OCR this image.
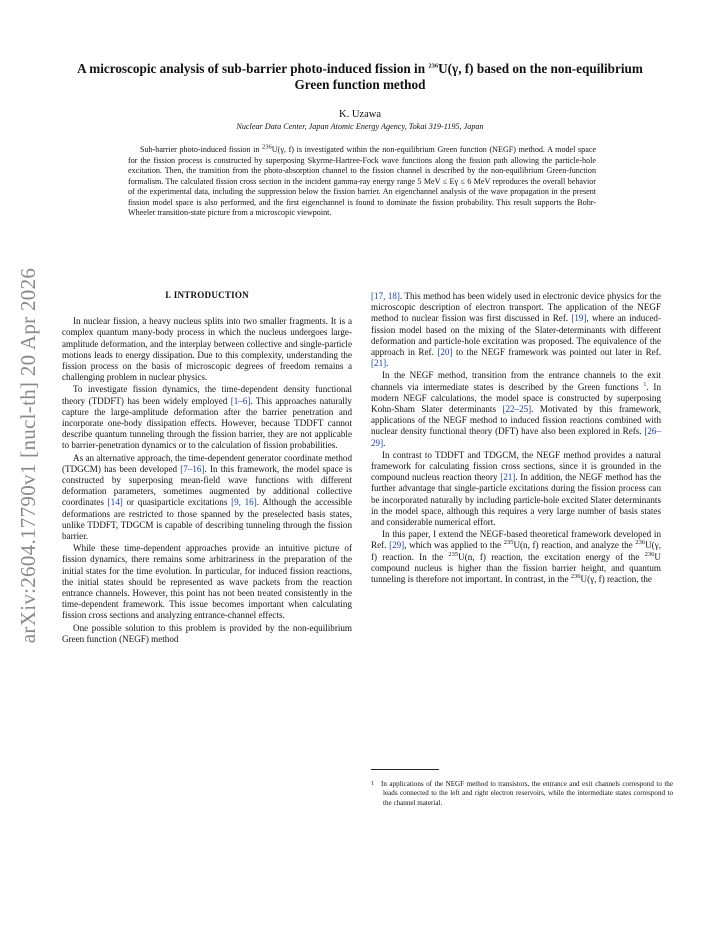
arXiv:2604.17790v1 [nucl-th] 20 Apr 2026
A microscopic analysis of sub-barrier photo-induced fission in $^{236}$U(γ, f) based on the non-equilibrium Green function method
K. Uzawa
Nuclear Data Center, Japan Atomic Energy Agency, Tokai 319-1195, Japan

Sub-barrier photo-induced fission in $^{236}$U(γ, f) is investigated within the non-equilibrium Green function (NEGF) method. A model space for the fission process is constructed by superposing Skyrme-Hartree-Fock wave functions along the fission path allowing the particle-hole excitation. Then, the transition from the photo-absorption channel to the fission channel is described by the non-equilibrium Green-function formalism. The calculated fission cross section in the incident gamma-ray energy range 5 MeV ≤ Eγ ≤ 6 MeV reproduces the overall behavior of the experimental data, including the suppression below the fission barrier. An eigenchannel analysis of the wave propagation in the present fission model space is also performed, and the first eigenchannel is found to dominate the fission probability. This result supports the Bohr-Wheeler transition-state picture from a microscopic viewpoint.

I. INTRODUCTION

In nuclear fission, a heavy nucleus splits into two smaller fragments. It is a complex quantum many-body process in which the nucleus undergoes large-amplitude deformation, and the interplay between collective and single-particle motions leads to energy dissipation. Due to this complexity, understanding the fission process on the basis of microscopic degrees of freedom remains a challenging problem in nuclear physics.

To investigate fission dynamics, the time-dependent density functional theory (TDDFT) has been widely employed [1–6]. This approaches naturally capture the large-amplitude deformation after the barrier penetration and incorporate one-body dissipation effects. However, because TDDFT cannot describe quantum tunneling through the fission barrier, they are not applicable to barrier-penetration dynamics or to the calculation of fission probabilities.

As an alternative approach, the time-dependent generator coordinate method (TDGCM) has been developed [7–16]. In this framework, the model space is constructed by superposing mean-field wave functions with different deformation parameters, sometimes augmented by additional collective coordinates [14] or quasiparticle excitations [9, 16]. Although the accessible deformations are restricted to those spanned by the preselected basis states, unlike TDDFT, TDGCM is capable of describing tunneling through the fission barrier.

While these time-dependent approaches provide an intuitive picture of fission dynamics, there remains some arbitrariness in the preparation of the initial states for the time evolution. In particular, for induced fission reactions, the initial states should be represented as wave packets from the reaction entrance channels. However, this point has not been treated consistently in the time-dependent framework. This issue becomes important when calculating fission cross sections and analyzing entrance-channel effects.

One possible solution to this problem is provided by the non-equilibrium Green function (NEGF) method

[17, 18]. This method has been widely used in electronic device physics for the microscopic description of electron transport. The application of the NEGF method to nuclear fission was first discussed in Ref. [19], where an induced-fission model based on the mixing of the Slater-determinants with different deformation and particle-hole excitation was proposed. The equivalence of the approach in Ref. [20] to the NEGF framework was pointed out later in Ref. [21].

In the NEGF method, transition from the entrance channels to the exit channels via intermediate states is described by the Green functions $^1$. In modern NEGF calculations, the model space is constructed by superposing Kohn-Sham Slater determinants [22–25]. Motivated by this framework, applications of the NEGF method to induced fission reactions combined with nuclear density functional theory (DFT) have also been explored in Refs. [26–29].

In contrast to TDDFT and TDGCM, the NEGF method provides a natural framework for calculating fission cross sections, since it is grounded in the compound nucleus reaction theory [21]. In addition, the NEGF method has the further advantage that single-particle excitations during the fission process can be incorporated naturally by including particle-hole excited Slater determinants in the model space, although this requires a very large number of basis states and considerable numerical effort.

In this paper, I extend the NEGF-based theoretical framework developed in Ref. [29], which was applied to the $^{235}$U(n, f) reaction, and analyze the $^{236}$U(γ, f) reaction. In the $^{235}$U(n, f) reaction, the excitation energy of the $^{236}$U compound nucleus is higher than the fission barrier height, and quantum tunneling is therefore not important. In contrast, in the $^{236}$U(γ, f) reaction, the

1 In applications of the NEGF method to transistors, the entrance and exit channels correspond to the leads connected to the left and right electron reservoirs, while the intermediate states correspond to the channel material.
